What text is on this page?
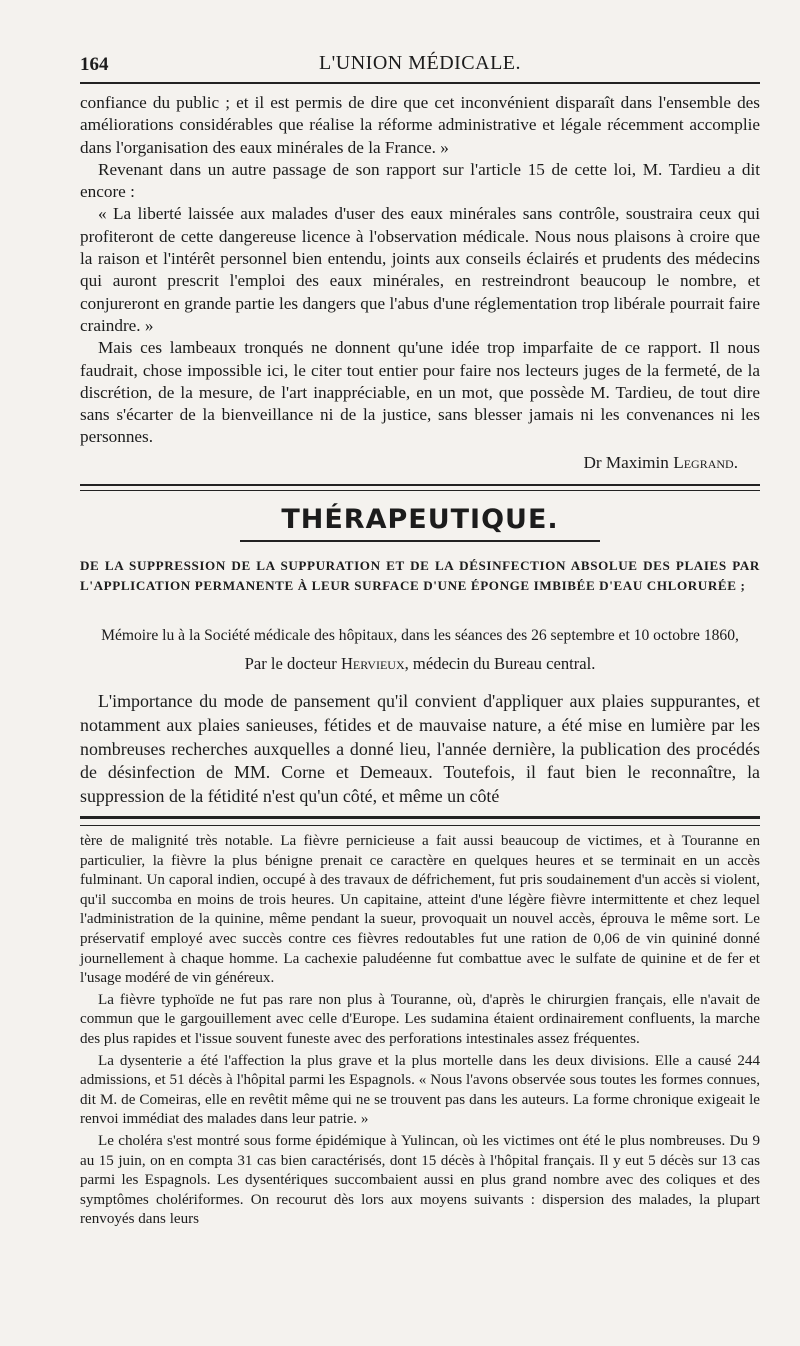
164	L'UNION MÉDICALE.

confiance du public ; et il est permis de dire que cet inconvénient disparaît dans l'ensemble des améliorations considérables que réalise la réforme administrative et légale récemment accomplie dans l'organisation des eaux minérales de la France. »

Revenant dans un autre passage de son rapport sur l'article 15 de cette loi, M. Tardieu a dit encore :

« La liberté laissée aux malades d'user des eaux minérales sans contrôle, soustraira ceux qui profiteront de cette dangereuse licence à l'observation médicale. Nous nous plaisons à croire que la raison et l'intérêt personnel bien entendu, joints aux conseils éclairés et prudents des médecins qui auront prescrit l'emploi des eaux minérales, en restreindront beaucoup le nombre, et conjureront en grande partie les dangers que l'abus d'une réglementation trop libérale pourrait faire craindre. »

Mais ces lambeaux tronqués ne donnent qu'une idée trop imparfaite de ce rapport. Il nous faudrait, chose impossible ici, le citer tout entier pour faire nos lecteurs juges de la fermeté, de la discrétion, de la mesure, de l'art inappréciable, en un mot, que possède M. Tardieu, de tout dire sans s'écarter de la bienveillance ni de la justice, sans blesser jamais ni les convenances ni les personnes.

Dr Maximin Legrand.

THÉRAPEUTIQUE.
DE LA SUPPRESSION DE LA SUPPURATION ET DE LA DÉSINFECTION ABSOLUE DES PLAIES PAR L'APPLICATION PERMANENTE À LEUR SURFACE D'UNE ÉPONGE IMBIBÉE D'EAU CHLORURÉE ;
Mémoire lu à la Société médicale des hôpitaux, dans les séances des 26 septembre et 10 octobre 1860,
Par le docteur Hervieux, médecin du Bureau central.

L'importance du mode de pansement qu'il convient d'appliquer aux plaies suppurantes, et notamment aux plaies sanieuses, fétides et de mauvaise nature, a été mise en lumière par les nombreuses recherches auxquelles a donné lieu, l'année dernière, la publication des procédés de désinfection de MM. Corne et Demeaux. Toutefois, il faut bien le reconnaître, la suppression de la fétidité n'est qu'un côté, et même un côté

tère de malignité très notable. La fièvre pernicieuse a fait aussi beaucoup de victimes, et à Touranne en particulier, la fièvre la plus bénigne prenait ce caractère en quelques heures et se terminait en un accès fulminant. Un caporal indien, occupé à des travaux de défrichement, fut pris soudainement d'un accès si violent, qu'il succomba en moins de trois heures. Un capitaine, atteint d'une légère fièvre intermittente et chez lequel l'administration de la quinine, même pendant la sueur, provoquait un nouvel accès, éprouva le même sort. Le préservatif employé avec succès contre ces fièvres redoutables fut une ration de 0,06 de vin quininé donné journellement à chaque homme. La cachexie paludéenne fut combattue avec le sulfate de quinine et de fer et l'usage modéré de vin généreux.

La fièvre typhoïde ne fut pas rare non plus à Touranne, où, d'après le chirurgien français, elle n'avait de commun que le gargouillement avec celle d'Europe. Les sudamina étaient ordinairement confluents, la marche des plus rapides et l'issue souvent funeste avec des perforations intestinales assez fréquentes.

La dysenterie a été l'affection la plus grave et la plus mortelle dans les deux divisions. Elle a causé 244 admissions, et 51 décès à l'hôpital parmi les Espagnols. « Nous l'avons observée sous toutes les formes connues, dit M. de Comeiras, elle en revêtit même qui ne se trouvent pas dans les auteurs. La forme chronique exigeait le renvoi immédiat des malades dans leur patrie. »

Le choléra s'est montré sous forme épidémique à Yulincan, où les victimes ont été le plus nombreuses. Du 9 au 15 juin, on en compta 31 cas bien caractérisés, dont 15 décès à l'hôpital français. Il y eut 5 décès sur 13 cas parmi les Espagnols. Les dysentériques succombaient aussi en plus grand nombre avec des coliques et des symptômes cholériformes. On recourut dès lors aux moyens suivants : dispersion des malades, la plupart renvoyés dans leurs
